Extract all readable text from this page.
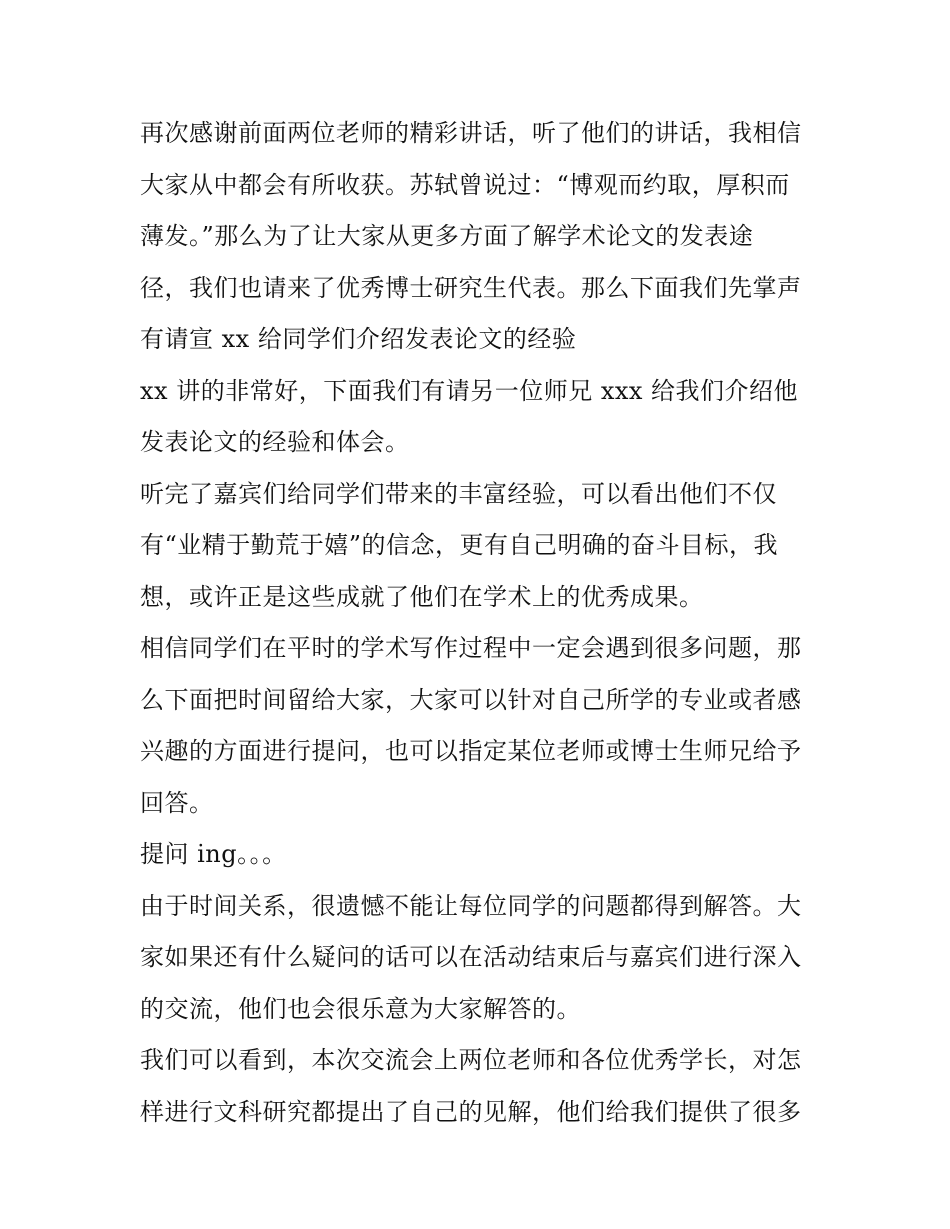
再次感谢前面两位老师的精彩讲话，听了他们的讲话，我相信
大家从中都会有所收获。苏轼曾说过：“博观而约取，厚积而
薄发。”那么为了让大家从更多方面了解学术论文的发表途
径，我们也请来了优秀博士研究生代表。那么下面我们先掌声
有请宣 xx 给同学们介绍发表论文的经验
xx 讲的非常好，下面我们有请另一位师兄 xxx 给我们介绍他
发表论文的经验和体会。
听完了嘉宾们给同学们带来的丰富经验，可以看出他们不仅
有“业精于勤荒于嬉”的信念，更有自己明确的奋斗目标，我
想，或许正是这些成就了他们在学术上的优秀成果。
相信同学们在平时的学术写作过程中一定会遇到很多问题，那
么下面把时间留给大家，大家可以针对自己所学的专业或者感
兴趣的方面进行提问，也可以指定某位老师或博士生师兄给予
回答。
提问 ing。。。
由于时间关系，很遗憾不能让每位同学的问题都得到解答。大
家如果还有什么疑问的话可以在活动结束后与嘉宾们进行深入
的交流，他们也会很乐意为大家解答的。
我们可以看到，本次交流会上两位老师和各位优秀学长，对怎
样进行文科研究都提出了自己的见解，他们给我们提供了很多
